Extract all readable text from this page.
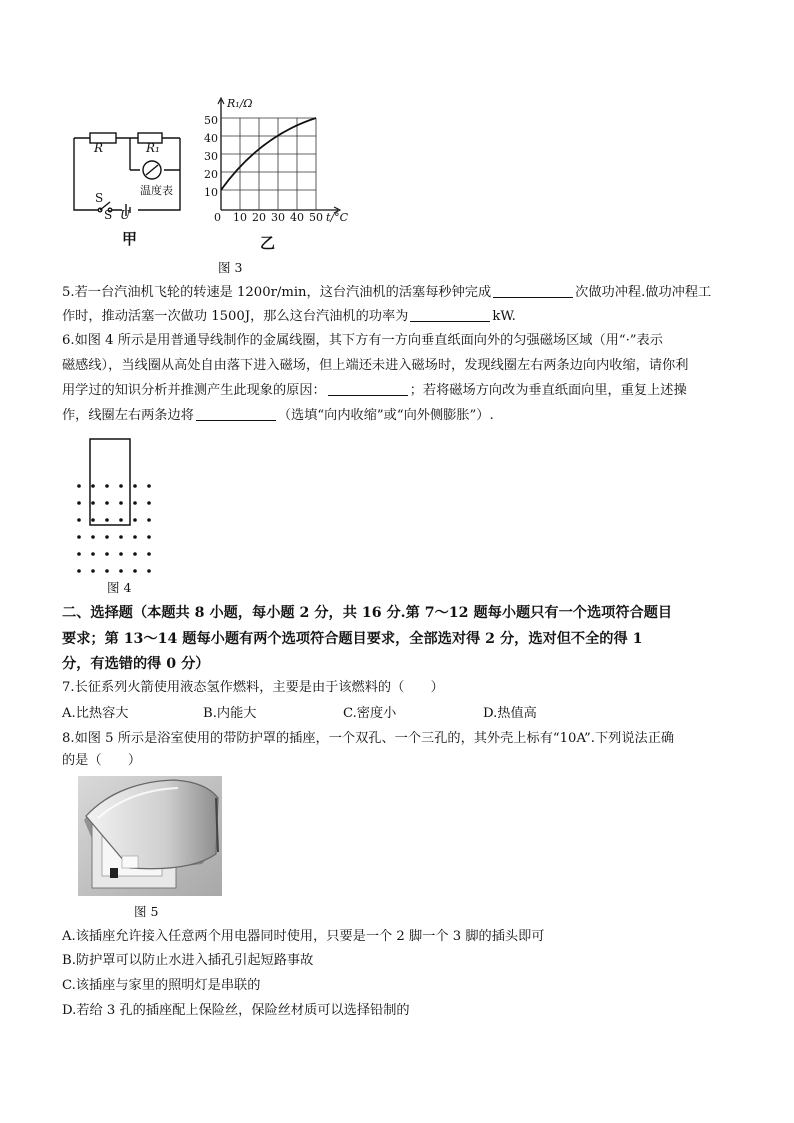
R	R₁
温度表
S
S U
甲
R₁/Ω
50
40
30
20
10
0 10 20 30 40 50 t/°C
乙
图 3
5.若一台汽油机飞轮的转速是 1200r/min，这台汽油机的活塞每秒钟完成	次做功冲程.做功冲程工
作时，推动活塞一次做功 1500J，那么这台汽油机的功率为	kW.
6.如图 4 所示是用普通导线制作的金属线圈，其下方有一方向垂直纸面向外的匀强磁场区域（用“·”表示
磁感线），当线圈从高处自由落下进入磁场，但上端还未进入磁场时，发现线圈左右两条边向内收缩，请你利
用学过的知识分析并推测产生此现象的原因：	；若将磁场方向改为垂直纸面向里，重复上述操
作，线圈左右两条边将	（选填“向内收缩”或“向外侧膨胀”）.
图 4
二、选择题（本题共 8 小题，每小题 2 分，共 16 分.第 7～12 题每小题只有一个选项符合题目
要求；第 13～14 题每小题有两个选项符合题目要求，全部选对得 2 分，选对但不全的得 1
分，有选错的得 0 分）
7.长征系列火箭使用液态氢作燃料，主要是由于该燃料的（　　）
A.比热容大	B.内能大	C.密度小	D.热值高
8.如图 5 所示是浴室使用的带防护罩的插座，一个双孔、一个三孔的，其外壳上标有“10A”.下列说法正确
的是（　　）
图 5
A.该插座允许接入任意两个用电器同时使用，只要是一个 2 脚一个 3 脚的插头即可
B.防护罩可以防止水进入插孔引起短路事故
C.该插座与家里的照明灯是串联的
D.若给 3 孔的插座配上保险丝，保险丝材质可以选择铅制的
